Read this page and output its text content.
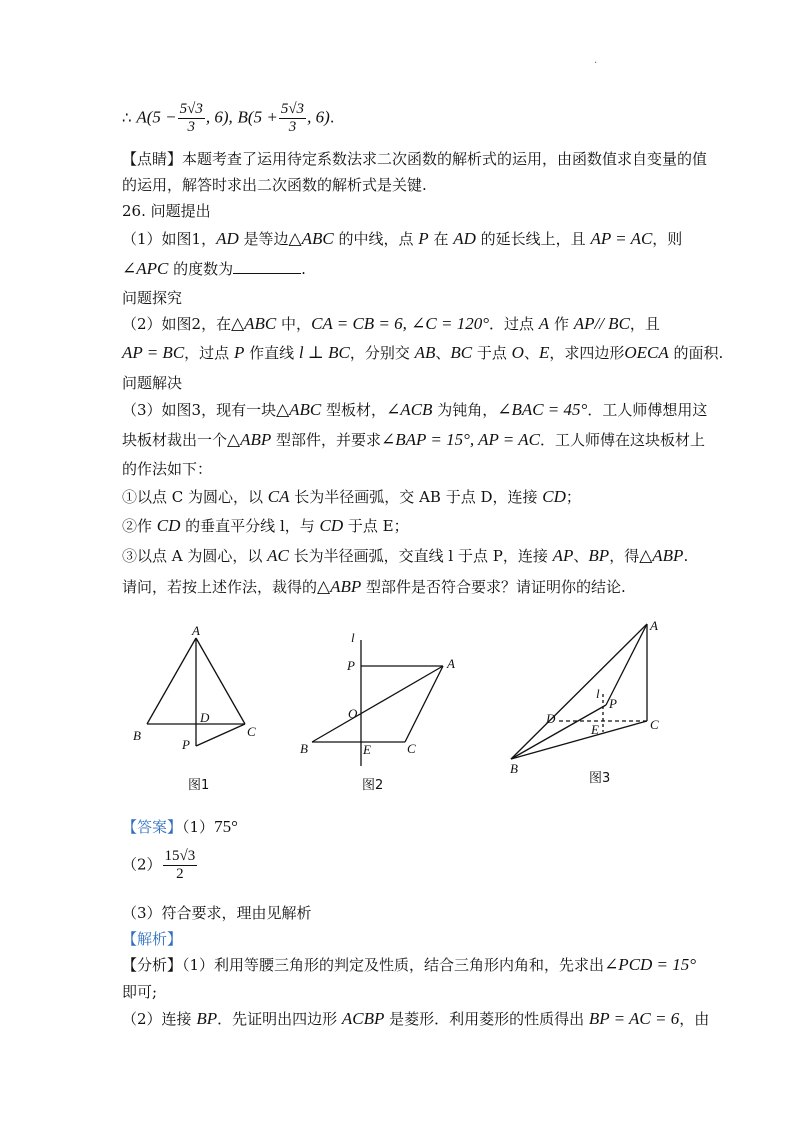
·
∴ $A(5 - \frac{5√3}{3}$ , 6), $B(5 + \frac{5√3}{3}$ , 6).
【点睛】本题考查了运用待定系数法求二次函数的解析式的运用，由函数值求自变量的值
的运用，解答时求出二次函数的解析式是关键.
26. 问题提出
（1）如图1，AD 是等边△ABC 的中线，点 P 在 AD 的延长线上，且 AP = AC，则
∠APC 的度数为	.
问题探究
（2）如图2，在△ABC 中，CA = CB = 6, ∠C = 120°．过点 A 作 AP// BC，且
AP = BC，过点 P 作直线 l ⊥ BC，分别交 AB、BC 于点 O、E，求四边形OECA 的面积.
问题解决
（3）如图3，现有一块△ABC 型板材，∠ACB 为钝角，∠BAC = 45°．工人师傅想用这
块板材裁出一个△ABP 型部件，并要求∠BAP = 15°, AP = AC．工人师傅在这块板材上
的作法如下：
①以点 C 为圆心，以 CA 长为半径画弧，交 AB 于点 D，连接 CD；
②作 CD 的垂直平分线 l，与 CD 于点 E；
③以点 A 为圆心，以 AC 长为半径画弧，交直线 l 于点 P，连接 AP、BP，得△ABP.
请问，若按上述作法，裁得的△ABP 型部件是否符合要求？请证明你的结论.
A
B	C
D
P
图1
l
P	A
O
B	E	C
图2
A
l
P
D
E	C
B
图3
【答案】（1）75°
$(2) \frac{15√3}{2}$
（3）符合要求，理由见解析
【解析】
【分析】（1）利用等腰三角形的判定及性质，结合三角形内角和，先求出∠PCD = 15°
即可;
（2）连接 BP．先证明出四边形 ACBP 是菱形．利用菱形的性质得出 BP = AC = 6，由
